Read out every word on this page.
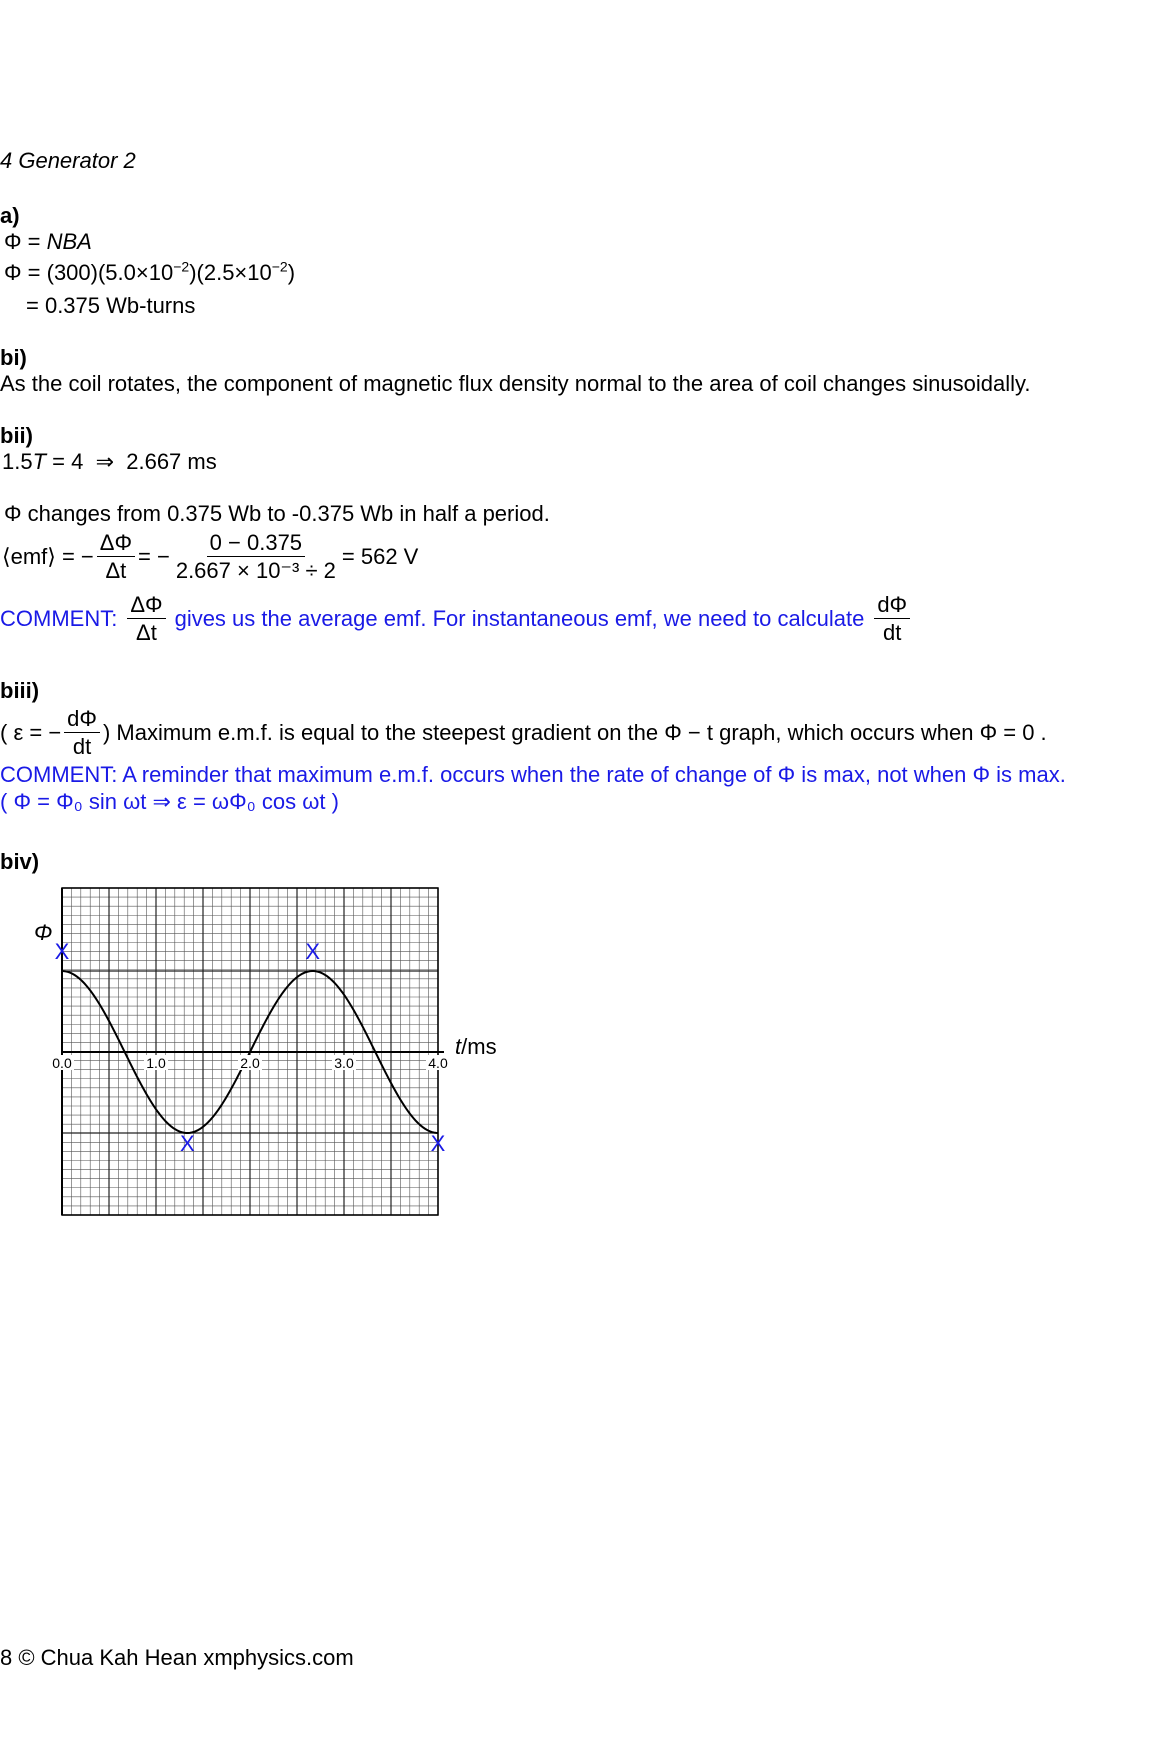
4 Generator 2
a)
Φ = NBA
$\Phi = (300)(5.0\times 10^{-2})(2.5\times 10^{-2})$
= 0.375 Wb-turns
bi)
As the coil rotates, the component of magnetic flux density normal to the area of coil changes sinusoidally.
bii)
1.5T = 4  ⇒  2.667 ms
Φ changes from 0.375 Wb to -0.375 Wb in half a period.
⟨emf⟩ = − $\frac{\Delta\Phi}{\Delta t}$ = − $\frac{0 - 0.375}{\text{2.667 × 10⁻³ ÷ 2}} = 562$ V
COMMENT: $\frac{\Delta\Phi}{\Delta t}$ gives us the average emf. For instantaneous emf, we need to calculate $\frac{d\Phi}{dt}$
biii)
( ε = − $\frac{d\Phi}{dt}$ ) Maximum e.m.f. is equal to the steepest gradient on the Φ − t graph, which occurs when Φ = 0 .
COMMENT: A reminder that maximum e.m.f. occurs when the rate of change of Φ is max, not when Φ is max.
( Φ = Φ₀ sin ωt ⇒ ε = ωΦ₀ cos ωt )
biv)
X
X
X
X
0.0	1.0	2.0	3.0	4.0
Φ
t/ms
8 © Chua Kah Hean xmphysics.com
